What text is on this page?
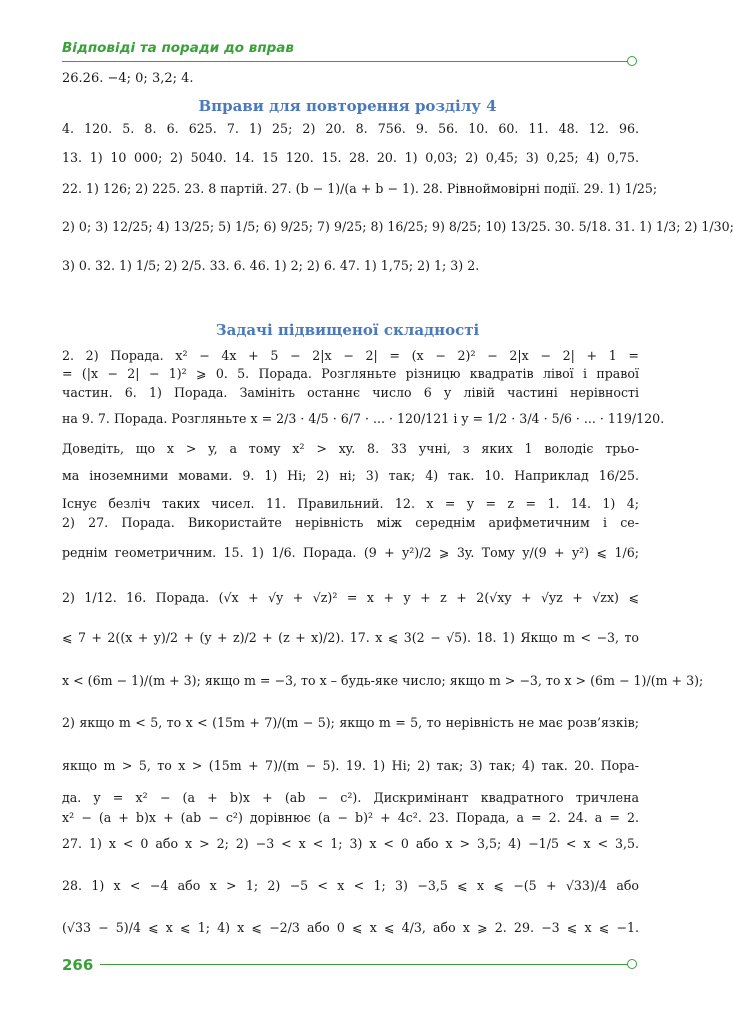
Відповіді та поради до вправ
26.26. −4; 0; 3,2; 4.
Вправи для повторення розділу 4
4. 120. 5. 8. 6. 625. 7. 1) 25; 2) 20. 8. 756. 9. 56. 10. 60. 11. 48. 12. 96.
13. 1) 10 000; 2) 5040. 14. 15 120. 15. 28. 20. 1) 0,03; 2) 0,45; 3) 0,25; 4) 0,75.
22. 1) 126; 2) 225. 23. 8 партій. 27. (b − 1)/(a + b − 1). 28. Рівноймовірні події. 29. 1) 1/25;
2) 0; 3) 12/25; 4) 13/25; 5) 1/5; 6) 9/25; 7) 9/25; 8) 16/25; 9) 8/25; 10) 13/25. 30. 5/18. 31. 1) 1/3; 2) 1/30;
3) 0. 32. 1) 1/5; 2) 2/5. 33. 6. 46. 1) 2; 2) 6. 47. 1) 1,75; 2) 1; 3) 2.
Задачі підвищеної складності
2. 2) Порада. x² − 4x + 5 − 2|x − 2| = (x − 2)² − 2|x − 2| + 1 =
= (|x − 2| − 1)² ⩾ 0. 5. Порада. Розгляньте різницю квадратів лівої і правої
частин. 6. 1) Порада. Замініть останнє число 6 у лівій частині нерівності
на 9. 7. Порада. Розгляньте x = 2/3 · 4/5 · 6/7 · ... · 120/121 і y = 1/2 · 3/4 · 5/6 · ... · 119/120.
Доведіть, що x > y, а тому x² > xy. 8. 33 учні, з яких 1 володіє трьо-
ма іноземними мовами. 9. 1) Ні; 2) ні; 3) так; 4) так. 10. Наприклад 16/25.
Існує безліч таких чисел. 11. Правильний. 12. x = y = z = 1. 14. 1) 4;
2) 27. Порада. Використайте нерівність між середнім арифметичним і се-
реднім геометричним. 15. 1) 1/6. Порада. (9 + y²)/2 ⩾ 3y. Тому y/(9 + y²) ⩽ 1/6;
2) 1/12. 16. Порада. (√x + √y + √z)² = x + y + z + 2(√xy + √yz + √zx) ⩽
⩽ 7 + 2((x + y)/2 + (y + z)/2 + (z + x)/2). 17. x ⩽ 3(2 − √5). 18. 1) Якщо m < −3, то
x < (6m − 1)/(m + 3); якщо m = −3, то x – будь-яке число; якщо m > −3, то x > (6m − 1)/(m + 3);
2) якщо m < 5, то x < (15m + 7)/(m − 5); якщо m = 5, то нерівність не має розв’язків;
якщо m > 5, то x > (15m + 7)/(m − 5). 19. 1) Ні; 2) так; 3) так; 4) так. 20. Пора-
да. y = x² − (a + b)x + (ab − c²). Дискримінант квадратного тричлена
x² − (a + b)x + (ab − c²) дорівнює (a − b)² + 4c². 23. Порада, a = 2. 24. a = 2.
27. 1) x < 0 або x > 2; 2) −3 < x < 1; 3) x < 0 або x > 3,5; 4) −1/5 < x < 3,5.
28. 1) x < −4 або x > 1; 2) −5 < x < 1; 3) −3,5 ⩽ x ⩽ −(5 + √33)/4 або
(√33 − 5)/4 ⩽ x ⩽ 1; 4) x ⩽ −2/3 або 0 ⩽ x ⩽ 4/3, або x ⩾ 2. 29. −3 ⩽ x ⩽ −1.
266
